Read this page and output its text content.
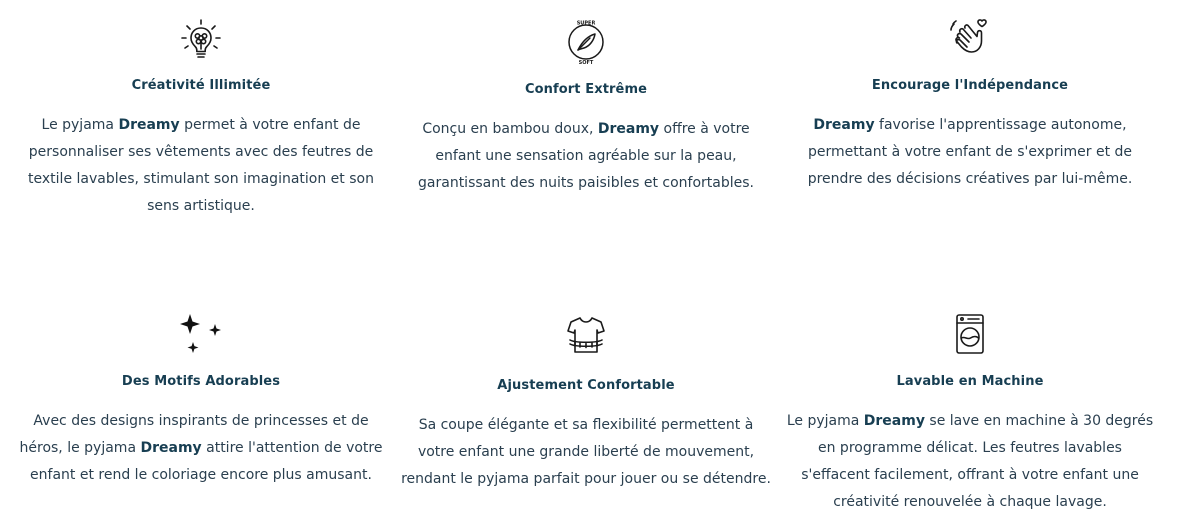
Créativité Illimitée

Le pyjama Dreamy permet à votre enfant de personnaliser ses vêtements avec des feutres de textile lavables, stimulant son imagination et son sens artistique.

SUPER
SOFT
Confort Extrême

Conçu en bambou doux, Dreamy offre à votre enfant une sensation agréable sur la peau, garantissant des nuits paisibles et confortables.

Encourage l'Indépendance

Dreamy favorise l'apprentissage autonome, permettant à votre enfant de s'exprimer et de prendre des décisions créatives par lui-même.

Des Motifs Adorables

Avec des designs inspirants de princesses et de héros, le pyjama Dreamy attire l'attention de votre enfant et rend le coloriage encore plus amusant.

Ajustement Confortable

Sa coupe élégante et sa flexibilité permettent à votre enfant une grande liberté de mouvement, rendant le pyjama parfait pour jouer ou se détendre.

Lavable en Machine

Le pyjama Dreamy se lave en machine à 30 degrés en programme délicat. Les feutres lavables s'effacent facilement, offrant à votre enfant une créativité renouvelée à chaque lavage.
